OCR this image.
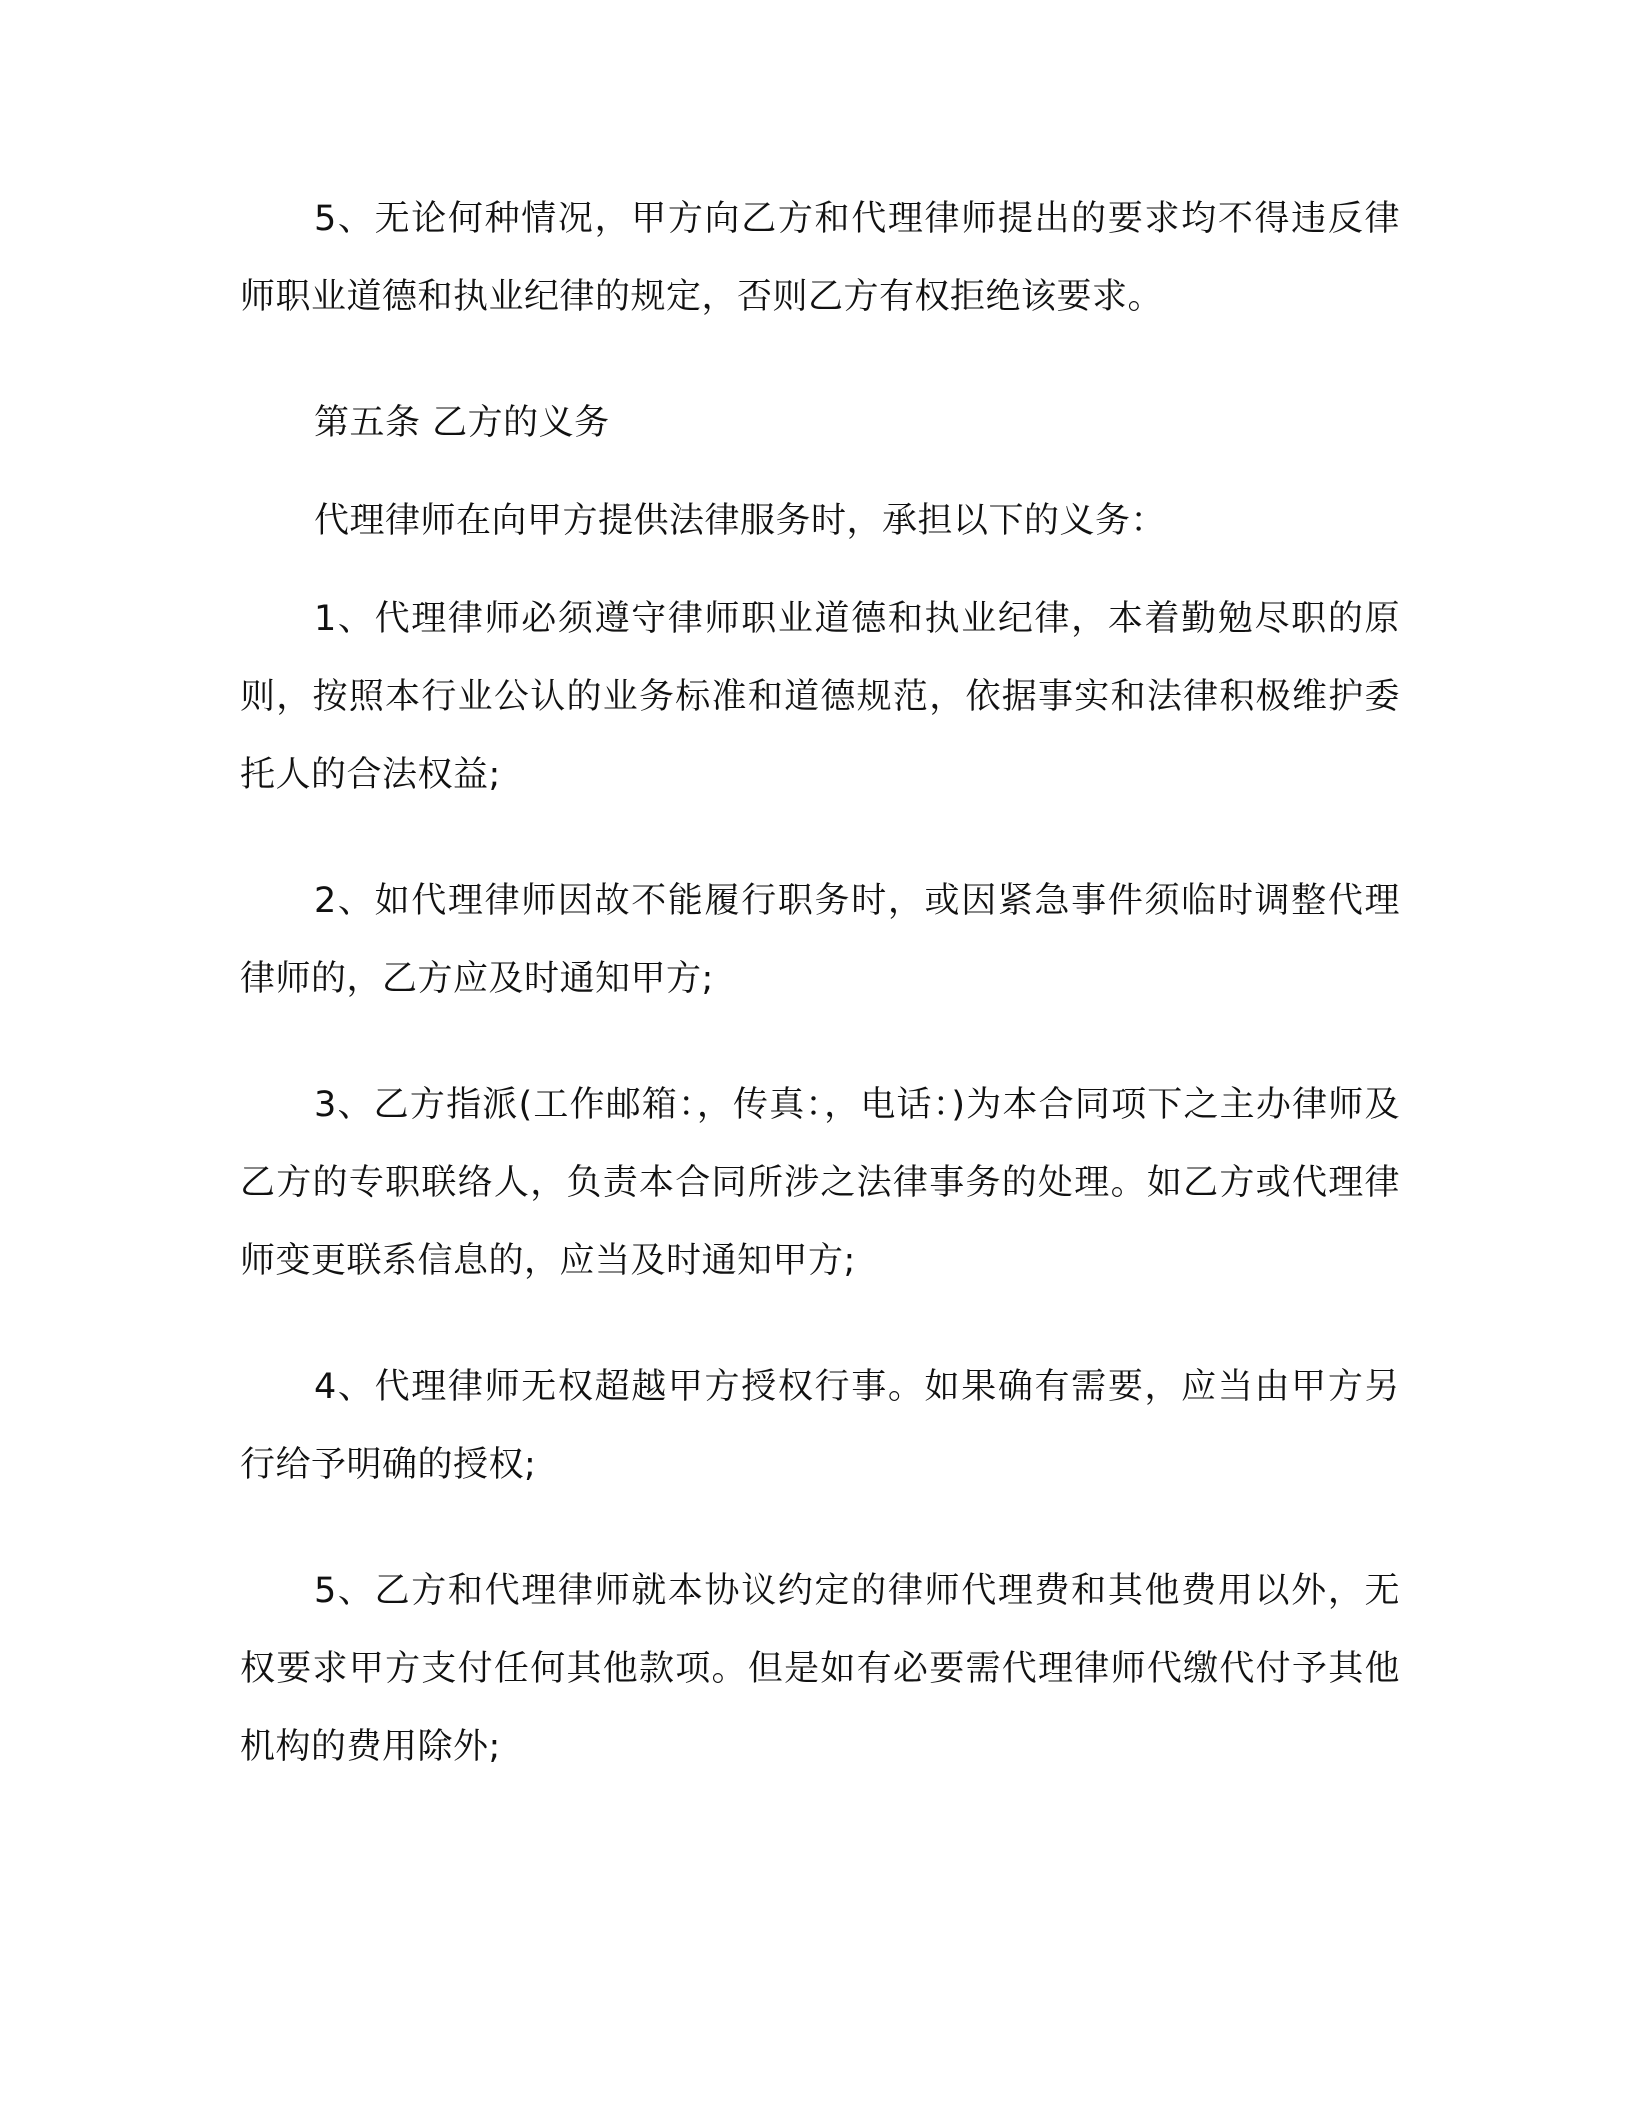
5、无论何种情况，甲方向乙方和代理律师提出的要求均不得违反律师职业道德和执业纪律的规定，否则乙方有权拒绝该要求。

第五条 乙方的义务

代理律师在向甲方提供法律服务时，承担以下的义务：

1、代理律师必须遵守律师职业道德和执业纪律，本着勤勉尽职的原则，按照本行业公认的业务标准和道德规范，依据事实和法律积极维护委托人的合法权益;

2、如代理律师因故不能履行职务时，或因紧急事件须临时调整代理律师的，乙方应及时通知甲方;

3、乙方指派(工作邮箱：，传真：，电话：)为本合同项下之主办律师及乙方的专职联络人，负责本合同所涉之法律事务的处理。如乙方或代理律师变更联系信息的，应当及时通知甲方;

4、代理律师无权超越甲方授权行事。如果确有需要，应当由甲方另行给予明确的授权;

5、乙方和代理律师就本协议约定的律师代理费和其他费用以外，无权要求甲方支付任何其他款项。但是如有必要需代理律师代缴代付予其他机构的费用除外;
